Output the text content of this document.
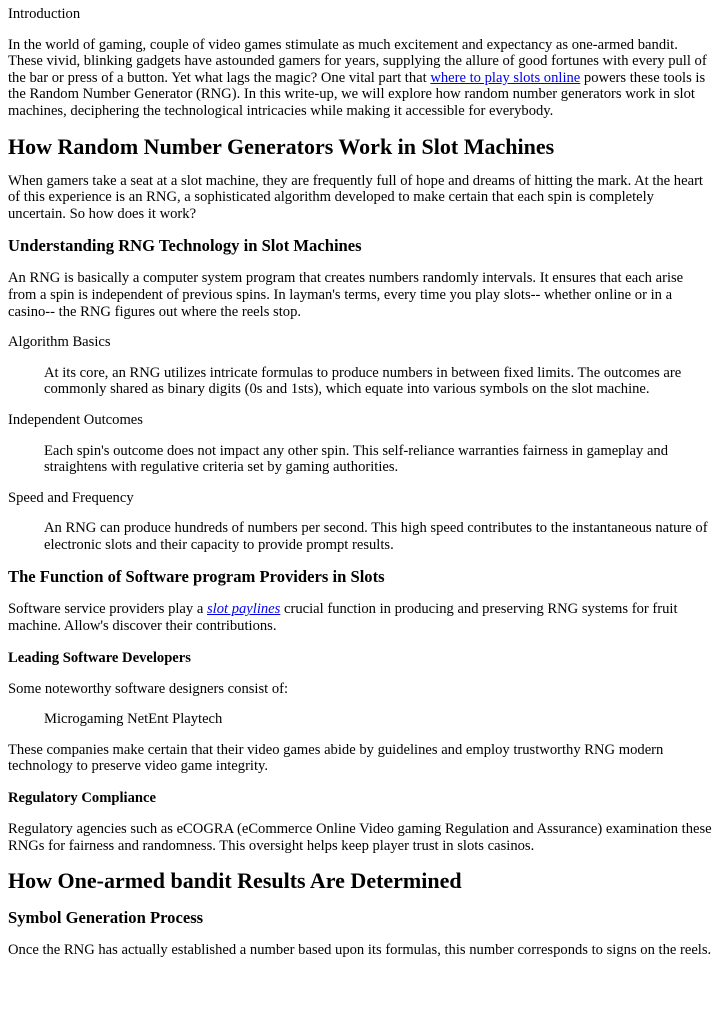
Introduction

In the world of gaming, couple of video games stimulate as much excitement and expectancy as one-armed bandit. These vivid, blinking gadgets have astounded gamers for years, supplying the allure of good fortunes with every pull of the bar or press of a button. Yet what lags the magic? One vital part that where to play slots online powers these tools is the Random Number Generator (RNG). In this write-up, we will explore how random number generators work in slot machines, deciphering the technological intricacies while making it accessible for everybody.

How Random Number Generators Work in Slot Machines

When gamers take a seat at a slot machine, they are frequently full of hope and dreams of hitting the mark. At the heart of this experience is an RNG, a sophisticated algorithm developed to make certain that each spin is completely uncertain. So how does it work?

Understanding RNG Technology in Slot Machines

An RNG is basically a computer system program that creates numbers randomly intervals. It ensures that each arise from a spin is independent of previous spins. In layman's terms, every time you play slots-- whether online or in a casino-- the RNG figures out where the reels stop.

Algorithm Basics
At its core, an RNG utilizes intricate formulas to produce numbers in between fixed limits. The outcomes are commonly shared as binary digits (0s and 1sts), which equate into various symbols on the slot machine.
Independent Outcomes
Each spin's outcome does not impact any other spin. This self-reliance warranties fairness in gameplay and straightens with regulative criteria set by gaming authorities.
Speed and Frequency
An RNG can produce hundreds of numbers per second. This high speed contributes to the instantaneous nature of electronic slots and their capacity to provide prompt results.
The Function of Software program Providers in Slots

Software service providers play a slot paylines crucial function in producing and preserving RNG systems for fruit machine. Allow's discover their contributions.

Leading Software Developers

Some noteworthy software designers consist of:

Microgaming NetEnt Playtech

These companies make certain that their video games abide by guidelines and employ trustworthy RNG modern technology to preserve video game integrity.

Regulatory Compliance

Regulatory agencies such as eCOGRA (eCommerce Online Video gaming Regulation and Assurance) examination these RNGs for fairness and randomness. This oversight helps keep player trust in slots casinos.

How One-armed bandit Results Are Determined
Symbol Generation Process

Once the RNG has actually established a number based upon its formulas, this number corresponds to signs on the reels.
